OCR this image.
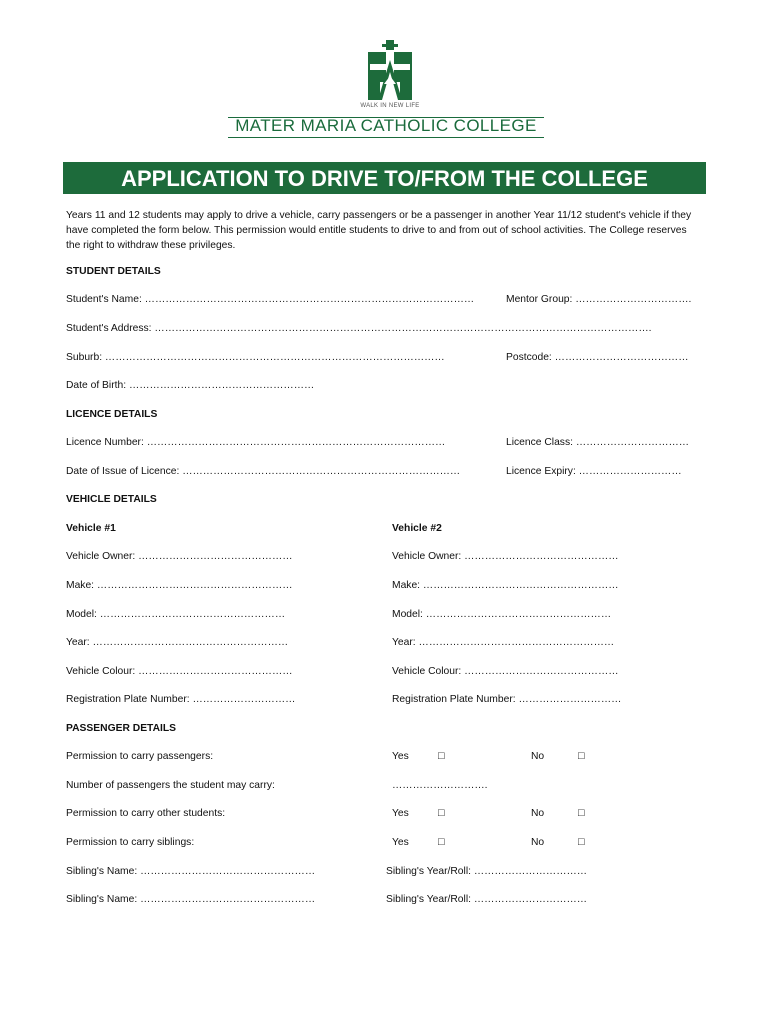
WALK IN NEW LIFE
MATER MARIA CATHOLIC COLLEGE
APPLICATION TO DRIVE TO/FROM THE COLLEGE
Years 11 and 12 students may apply to drive a vehicle, carry passengers or be a passenger in another Year 11/12 student's vehicle if they have completed the form below. This permission would entitle students to drive to and from out of school activities. The College reserves the right to withdraw these privileges.
STUDENT DETAILS
Student's Name: ……………………………………………………………………………………	Mentor Group: …………………………….
Student's Address: ……………………………………………………………………………………………………………………………….
Suburb: ………………………………………………………………………………………	Postcode: …………………………………
Date of Birth: ………………………………………………
LICENCE DETAILS
Licence Number: ……………………………………………………………………………	Licence Class: ……………………………
Date of Issue of Licence: ………………………………………………………………………	Licence Expiry: …………………………
VEHICLE DETAILS
Vehicle #1	Vehicle #2
Vehicle Owner: ………………………………………	Vehicle Owner: ………………………………………
Make: …………………………………………………	Make: …………………………………………………
Model: ………………………………………………	Model: ………………………………………………
Year: …………………………………………………	Year: …………………………………………………
Vehicle Colour: ………………………………………	Vehicle Colour: ………………………………………
Registration Plate Number: …………………………	Registration Plate Number: …………………………
PASSENGER DETAILS
Permission to carry passengers:	Yes	□	No	□
Number of passengers the student may carry:	……………………….
Permission to carry other students:	Yes	□	No	□
Permission to carry siblings:	Yes	□	No	□
Sibling's Name: ……………………………………………	Sibling's Year/Roll: ……………………………
Sibling's Name: ……………………………………………	Sibling's Year/Roll: ……………………………
